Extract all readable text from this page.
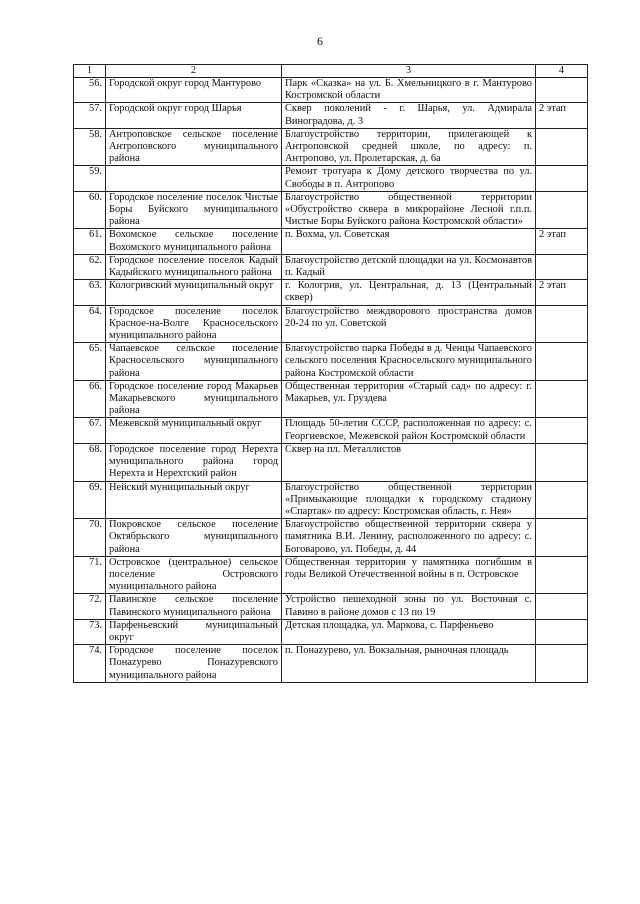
6
1	2	3	4
56.	Городской округ город Мантурово	Парк «Сказка» на ул. Б. Хмельницкого в г. Мантурово Костромской области	
57.	Городской округ город Шарья	Сквер поколений - г. Шарья, ул. Адмирала Виноградова, д. 3	2 этап
58.	Антроповское сельское поселение Антроповского муниципального района	Благоустройство территории, прилегающей к Антроповской средней школе, по адресу: п. Антропово, ул. Пролетарская, д. 6а	
59.		Ремонт тротуара к Дому детского творчества по ул. Свободы в п. Антропово	
60.	Городское поселение поселок Чистые Боры Буйского муниципального района	Благоустройство общественной территории «Обустройство сквера в микрорайоне Лесной г.п.п. Чистые Боры Буйского района Костромской области»	
61.	Вохомское сельское поселение Вохомского муниципального района	п. Вохма, ул. Советская	2 этап
62.	Городское поселение поселок Кадый Кадыйского муниципального района	Благоустройство детской площадки на ул. Космонавтов п. Кадый	
63.	Кологривский муниципальный округ	г. Кологрив, ул. Центральная, д. 13 (Центральный сквер)	2 этап
64.	Городское поселение поселок Красное-на-Волге Красносельского муниципального района	Благоустройство междворового пространства домов 20-24 по ул. Советской	
65.	Чапаевское сельское поселение Красносельского муниципального района	Благоустройство парка Победы в д. Ченцы Чапаевского сельского поселения Красносельского муниципального района Костромской области	
66.	Городское поселение город Макарьев Макарьевского муниципального района	Общественная территория «Старый сад» по адресу: г. Макарьев, ул. Груздева	
67.	Межевской муниципальный округ	Площадь 50-летия СССР, расположенная по адресу: с. Георгиевское, Межевской район Костромской области	
68.	Городское поселение город Нерехта муниципального района город Нерехта и Нерехтский район	Сквер на пл. Металлистов	
69.	Нейский муниципальный округ	Благоустройство общественной территории «Примыкающие площадки к городскому стадиону «Спартак» по адресу: Костромская область, г. Нея»	
70.	Покровское сельское поселение Октябрьского муниципального района	Благоустройство общественной территории сквера у памятника В.И. Ленину, расположенного по адресу: с. Боговарово, ул. Победы, д. 44	
71.	Островское (центральное) сельское поселение Островского муниципального района	Общественная территория у памятника погибшим в годы Великой Отечественной войны в п. Островское	
72.	Павинское сельское поселение Павинского муниципального района	Устройство пешеходной зоны по ул. Восточная с. Павино в районе домов с 13 по 19	
73.	Парфеньевский муниципальный округ	Детская площадка, ул. Маркова, с. Парфеньево	
74.	Городское поселение поселок Понazyрево Понazyревского муниципального района	п. Понazyрево, ул. Вокзальная, рыночная площадь	
